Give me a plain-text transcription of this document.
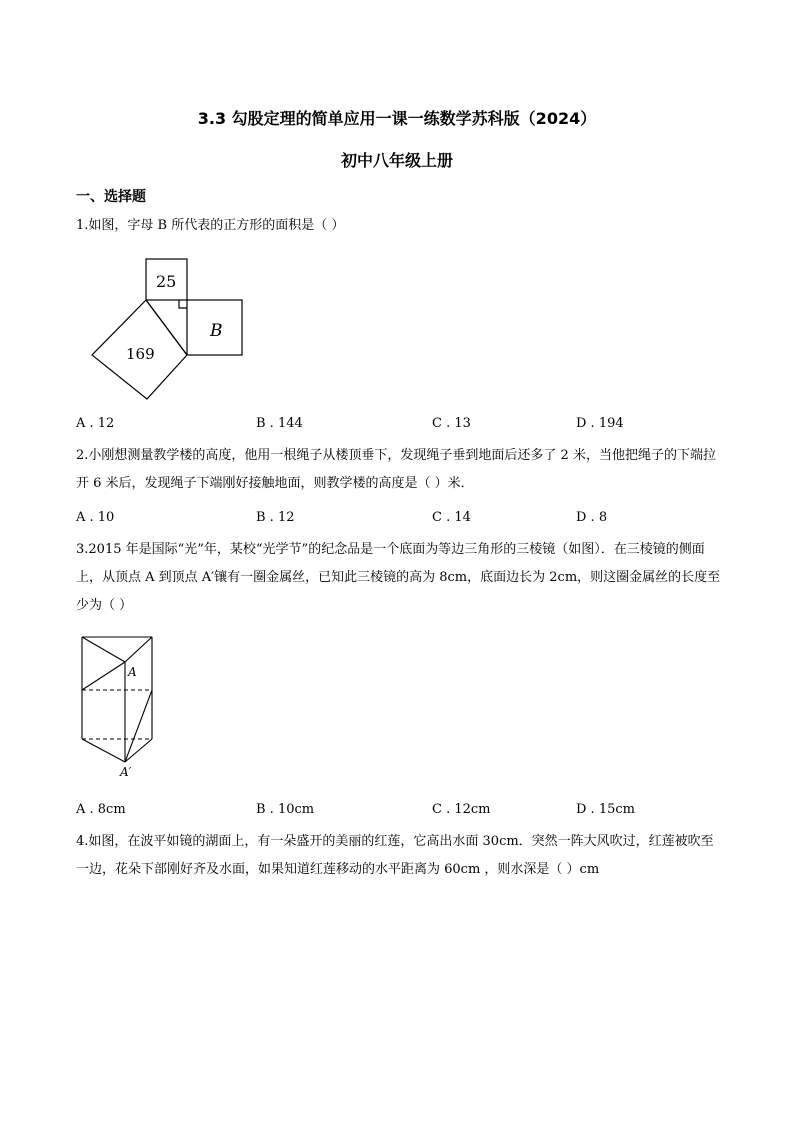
3.3 勾股定理的简单应用一课一练数学苏科版（2024）
初中八年级上册
一、选择题

1.如图，字母 B 所代表的正方形的面积是（ ）

25
169
B
A . 12	B . 144	C . 13	D . 194

2.小刚想测量教学楼的高度，他用一根绳子从楼顶垂下，发现绳子垂到地面后还多了 2 米，当他把绳子的下端拉开 6 米后，发现绳子下端刚好接触地面，则教学楼的高度是（ ）米．

A . 10	B . 12	C . 14	D . 8

3.2015 年是国际“光”年，某校“光学节”的纪念品是一个底面为等边三角形的三棱镜（如图）．在三棱镜的侧面上，从顶点 A 到顶点 A′镶有一圈金属丝，已知此三棱镜的高为 8cm，底面边长为 2cm，则这圈金属丝的长度至少为（ ）

A
A′
A . 8cm	B . 10cm	C . 12cm	D . 15cm

4.如图，在波平如镜的湖面上，有一朵盛开的美丽的红莲，它高出水面 30cm．突然一阵大风吹过，红莲被吹至一边，花朵下部刚好齐及水面，如果知道红莲移动的水平距离为 60cm ，则水深是（ ）cm
